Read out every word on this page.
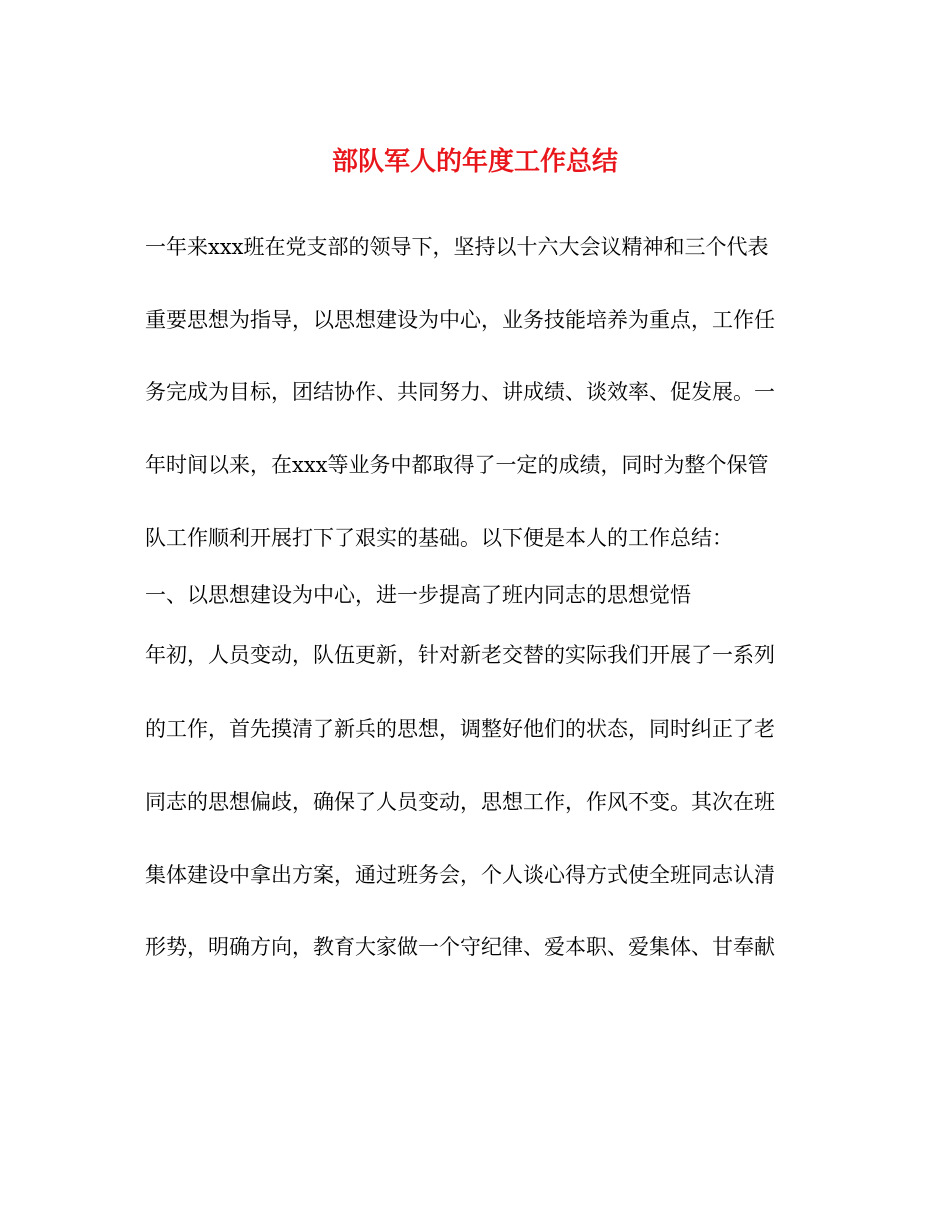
部队军人的年度工作总结

一年来xxx班在党支部的领导下，坚持以十六大会议精神和三个代表

重要思想为指导，以思想建设为中心，业务技能培养为重点，工作任

务完成为目标，团结协作、共同努力、讲成绩、谈效率、促发展。一

年时间以来，在xxx等业务中都取得了一定的成绩，同时为整个保管

队工作顺利开展打下了艰实的基础。以下便是本人的工作总结：

一、以思想建设为中心，进一步提高了班内同志的思想觉悟

年初，人员变动，队伍更新，针对新老交替的实际我们开展了一系列

的工作，首先摸清了新兵的思想，调整好他们的状态，同时纠正了老

同志的思想偏歧，确保了人员变动，思想工作，作风不变。其次在班

集体建设中拿出方案，通过班务会，个人谈心得方式使全班同志认清

形势，明确方向，教育大家做一个守纪律、爱本职、爱集体、甘奉献
